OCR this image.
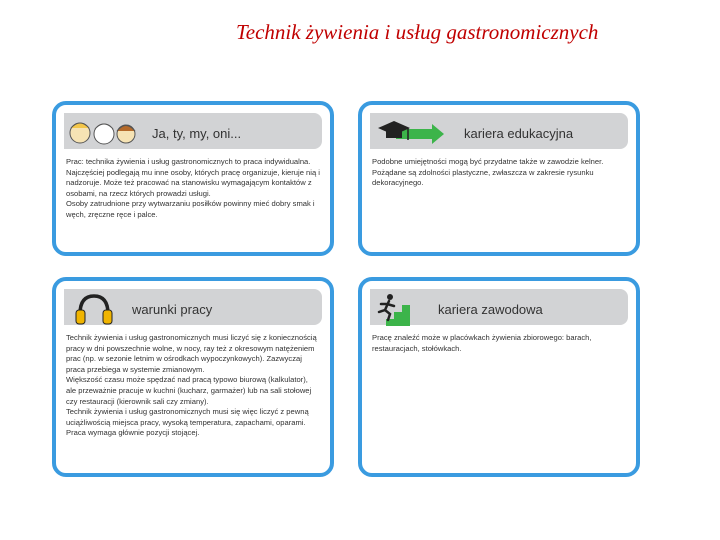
Technik żywienia i usług gastronomicznych
Ja, ty, my, oni...

Prac: technika żywienia i usług gastronomicznych to praca indywidualna.

Najczęściej podlegają mu inne osoby, których pracę organizuje, kieruje nią i nadzoruje. Może też pracować na stanowisku wymagającym kontaktów z osobami, na rzecz których prowadzi usługi.

Osoby zatrudnione przy wytwarzaniu posiłków powinny mieć dobry smak i węch, zręczne ręce i palce.

kariera edukacyjna

Podobne umiejętności mogą być przydatne także w zawodzie kelner.

Pożądane są zdolności plastyczne, zwłaszcza w zakresie rysunku dekoracyjnego.

warunki pracy

Technik żywienia i usług gastronomicznych musi liczyć się z koniecznością pracy w dni powszechnie wolne, w nocy, ray też z okresowym natężeniem prac (np. w sezonie letnim w ośrodkach wypoczynkowych). Zazwyczaj praca przebiega w systemie zmianowym.

Większość czasu może spędzać nad pracą typowo biurową (kalkulator), ale przeważnie pracuje w kuchni (kucharz, garmażer) lub na sali stołowej czy restauracji (kierownik sali czy zmiany).

Technik żywienia i usług gastronomicznych musi się więc liczyć z pewną uciążliwością miejsca pracy, wysoką temperatura, zapachami, oparami. Praca wymaga głównie pozycji stojącej.

kariera zawodowa

Pracę znaleźć może w placówkach żywienia zbiorowego: barach, restauracjach, stołówkach.
